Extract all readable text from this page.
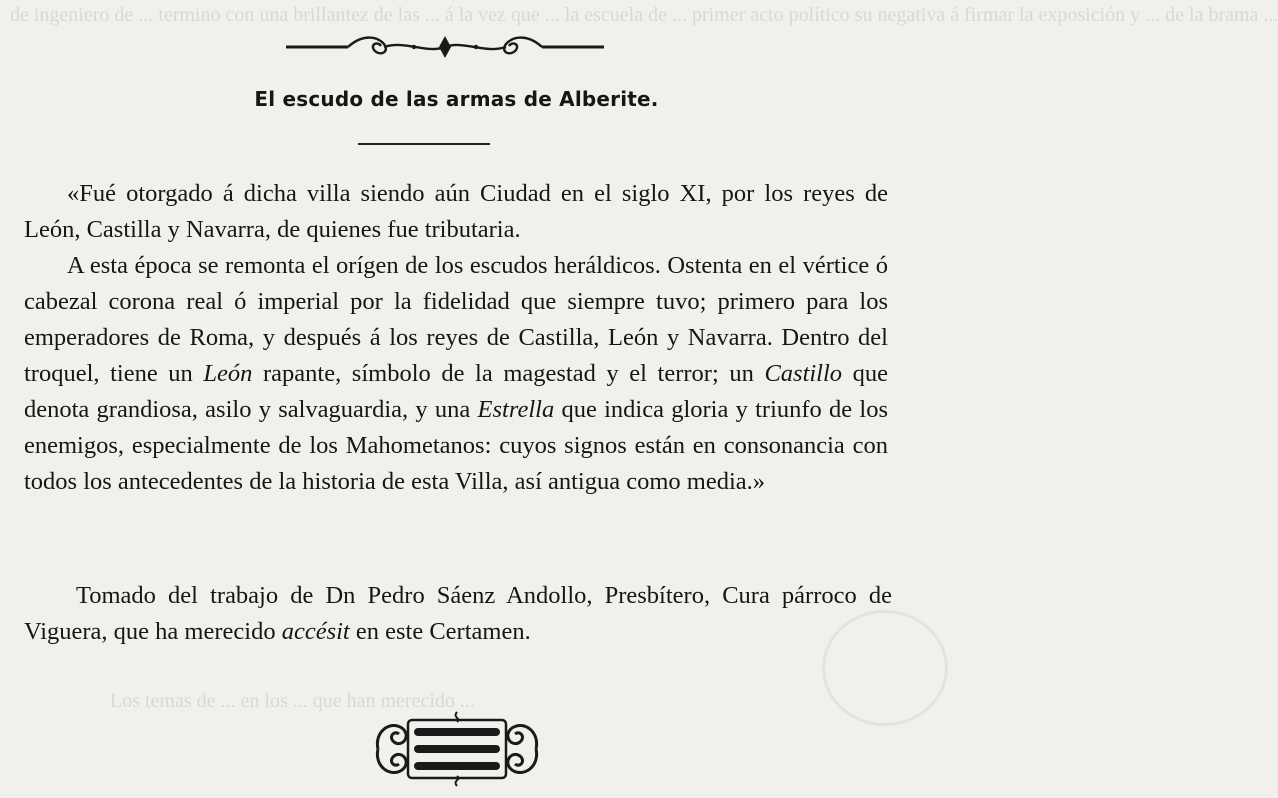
de ingeniero de ... termino con una brillantez de las ... á la vez que ... la escuela de ... primer acto político su negativa á firmar la exposición y ... de la brama ...
El escudo de las armas de Alberite.

«Fué otorgado á dicha villa siendo aún Ciudad en el siglo XI, por los reyes de León, Castilla y Navarra, de quienes fue tributaria.

A esta época se remonta el orígen de los escudos heráldicos. Ostenta en el vértice ó cabezal corona real ó imperial por la fidelidad que siempre tuvo; primero para los emperadores de Roma, y después á los reyes de Castilla, León y Navarra. Dentro del troquel, tiene un León rapante, símbolo de la magestad y el terror; un Castillo que denota grandiosa, asilo y salvaguardia, y una Estrella que indica gloria y triunfo de los enemigos, especialmente de los Mahometanos: cuyos signos están en consonancia con todos los antecedentes de la historia de esta Villa, así antigua como media.»

Tomado del trabajo de Dn Pedro Sáenz Andollo, Presbítero, Cura párroco de Viguera, que ha merecido accésit en este Certamen.

Los temas de ... en los ... que han merecido ...
